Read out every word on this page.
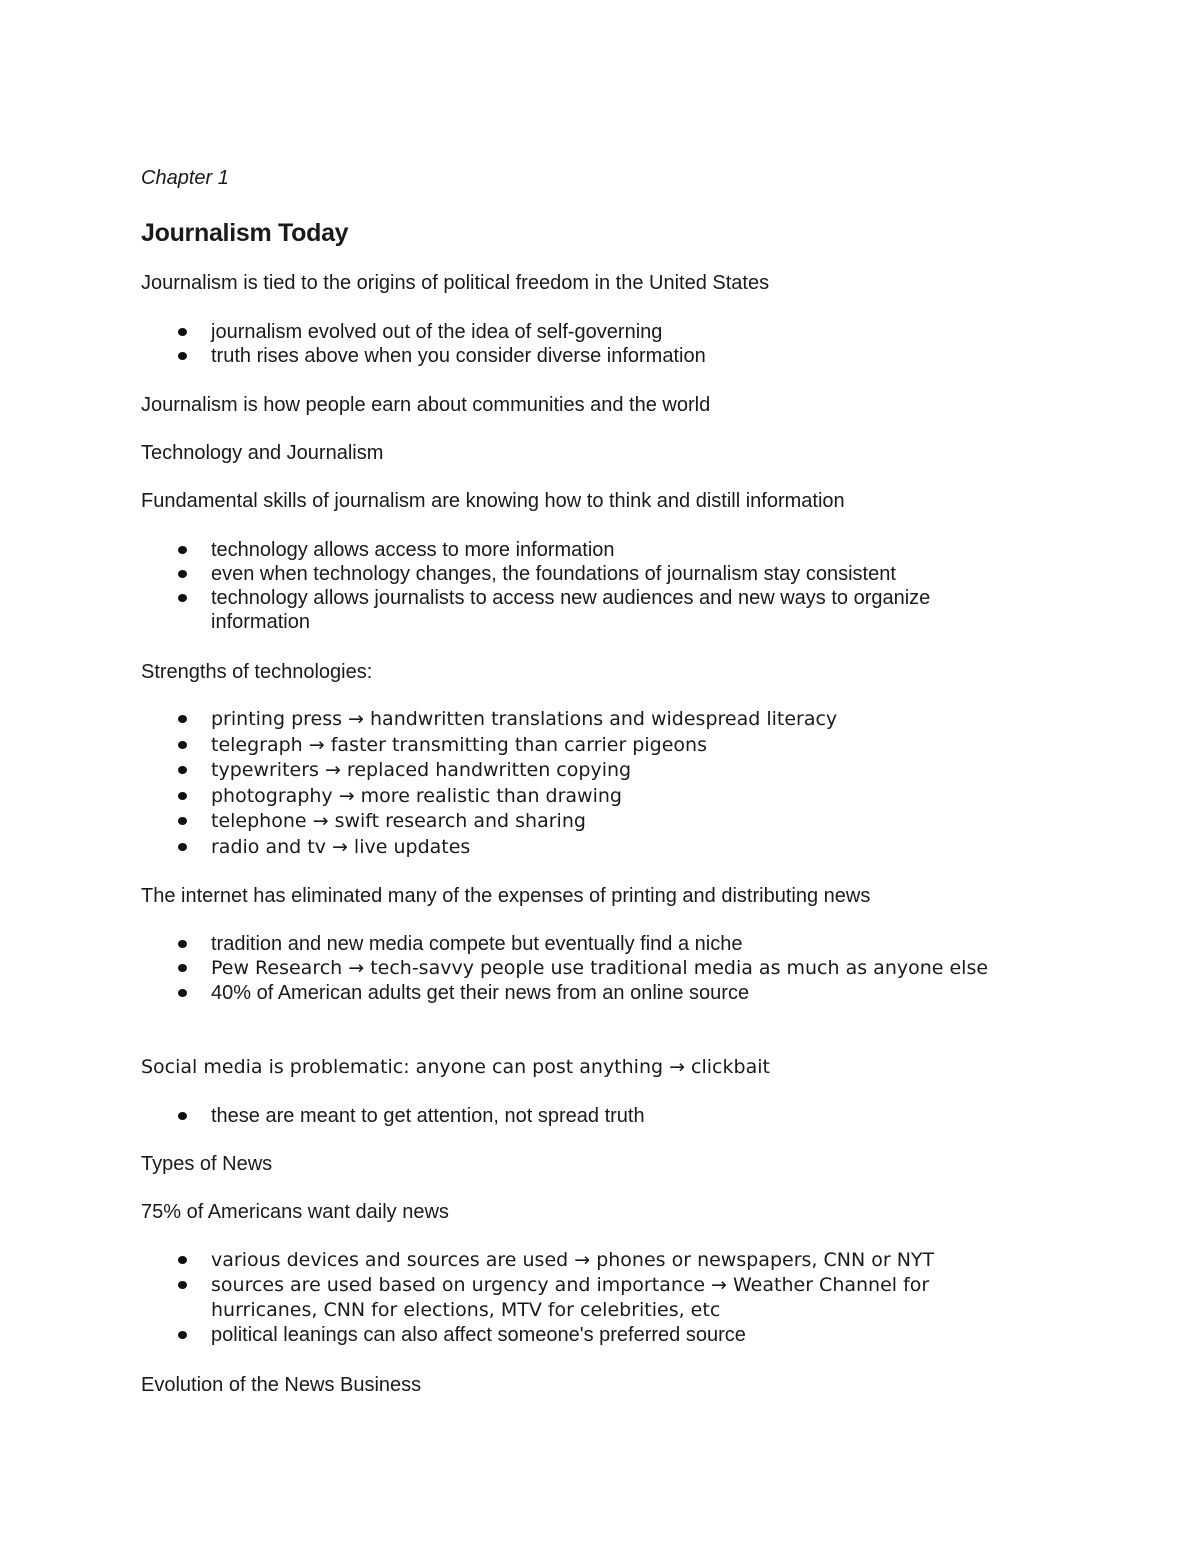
Chapter 1

Journalism Today

Journalism is tied to the origins of political freedom in the United States

journalism evolved out of the idea of self-governing
truth rises above when you consider diverse information

Journalism is how people earn about communities and the world

Technology and Journalism

Fundamental skills of journalism are knowing how to think and distill information

technology allows access to more information
even when technology changes, the foundations of journalism stay consistent
technology allows journalists to access new audiences and new ways to organize information

Strengths of technologies:

printing press → handwritten translations and widespread literacy
telegraph → faster transmitting than carrier pigeons
typewriters → replaced handwritten copying
photography → more realistic than drawing
telephone → swift research and sharing
radio and tv → live updates

The internet has eliminated many of the expenses of printing and distributing news

tradition and new media compete but eventually find a niche
Pew Research → tech-savvy people use traditional media as much as anyone else
40% of American adults get their news from an online source

Social media is problematic: anyone can post anything → clickbait

these are meant to get attention, not spread truth

Types of News

75% of Americans want daily news

various devices and sources are used → phones or newspapers, CNN or NYT
sources are used based on urgency and importance → Weather Channel for hurricanes, CNN for elections, MTV for celebrities, etc
political leanings can also affect someone's preferred source

Evolution of the News Business
